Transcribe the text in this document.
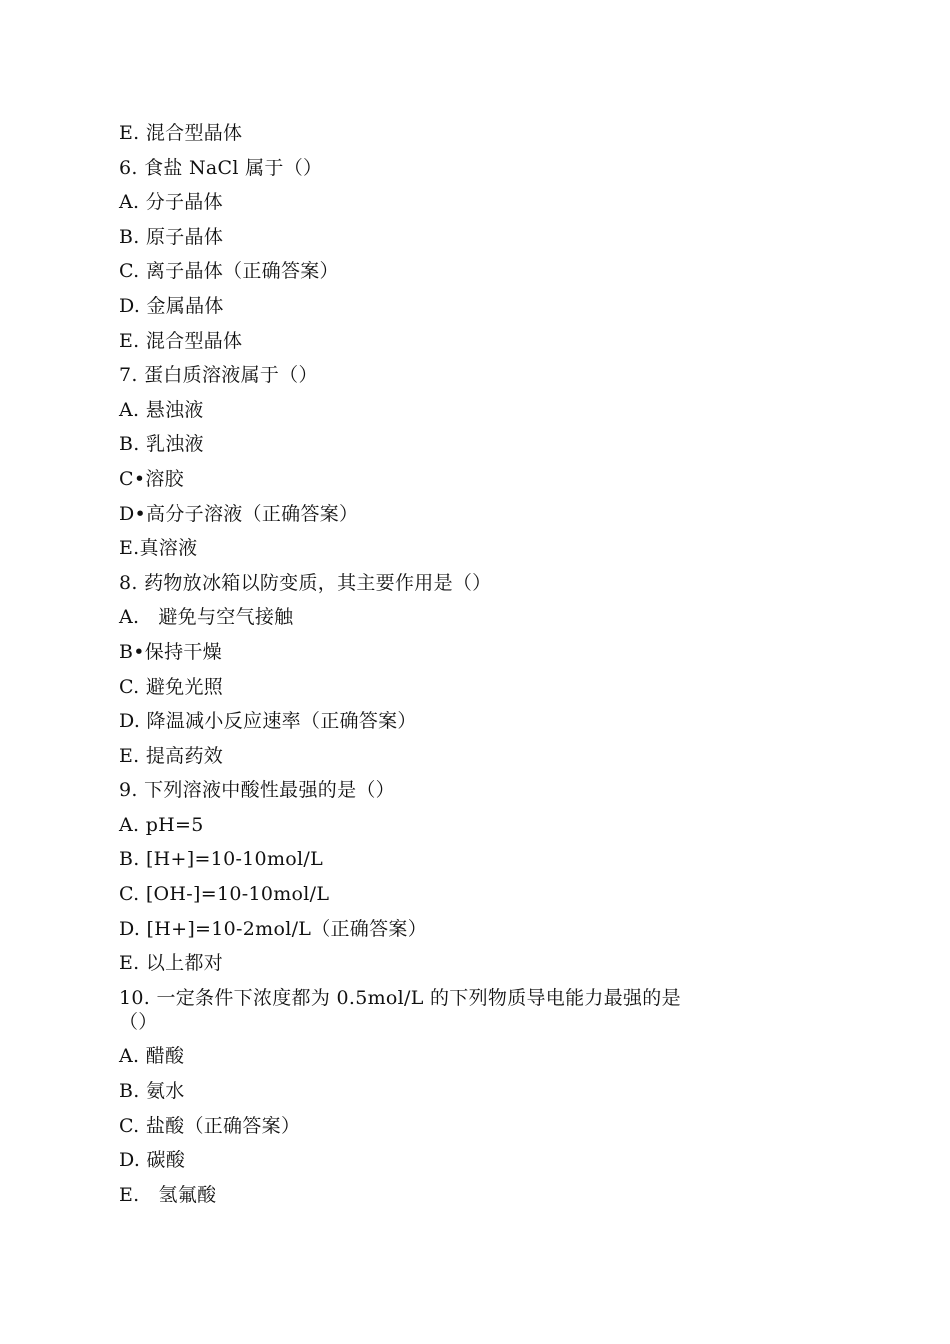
E. 混合型晶体
6. 食盐 NaCl 属于（）
A. 分子晶体
B. 原子晶体
C. 离子晶体（正确答案）
D. 金属晶体
E. 混合型晶体
7. 蛋白质溶液属于（）
A. 悬浊液
B. 乳浊液
C•溶胶
D•高分子溶液（正确答案）
E.真溶液
8. 药物放冰箱以防变质，其主要作用是（）
A.   避免与空气接触
B•保持干燥
C. 避免光照
D. 降温减小反应速率（正确答案）
E. 提高药效
9. 下列溶液中酸性最强的是（）
A. pH=5
B. [H+]=10-10mol/L
C. [OH-]=10-10mol/L
D. [H+]=10-2mol/L（正确答案）
E. 以上都对
10. 一定条件下浓度都为 0.5mol/L 的下列物质导电能力最强的是（）
A. 醋酸
B. 氨水
C. 盐酸（正确答案）
D. 碳酸
E.   氢氟酸
